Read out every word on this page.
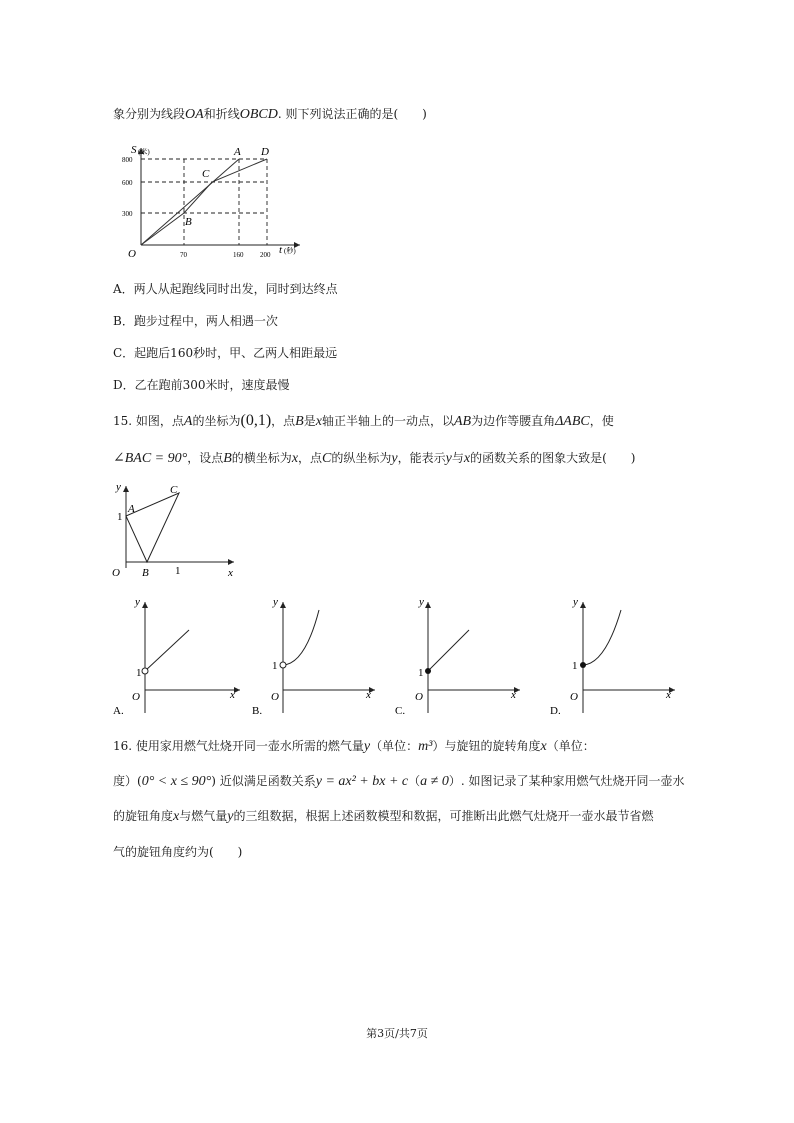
象分别为线段OA和折线OBCD. 则下列说法正确的是(　　)
S (米)
800
600
300
O	70	160 200 t (秒)
A D
C
B
A．两人从起跑线同时出发，同时到达终点
B．跑步过程中，两人相遇一次
C．起跑后160秒时，甲、乙两人相距最远
D．乙在跑前300米时，速度最慢
15. 如图，点A的坐标为(0,1)，点B是x轴正半轴上的一动点，以AB为边作等腰直角ΔABC，使
∠BAC = 90°，设点B的横坐标为x，点C的纵坐标为y，能表示y与x的函数关系的图象大致是(　　)
y	C
A
1
O B 1	x
y
1
O	x
A.
y
1
O	x
B.
y
1
O	x
C.
y
1
O	x
D.
16. 使用家用燃气灶烧开同一壶水所需的燃气量y（单位：m³）与旋钮的旋转角度x（单位：
度）(0° < x ≤ 90°) 近似满足函数关系y = ax² + bx + c（a ≠ 0）. 如图记录了某种家用燃气灶烧开同一壶水
的旋钮角度x与燃气量y的三组数据，根据上述函数模型和数据，可推断出此燃气灶烧开一壶水最节省燃
气的旋钮角度约为(　　)
第3页/共7页
